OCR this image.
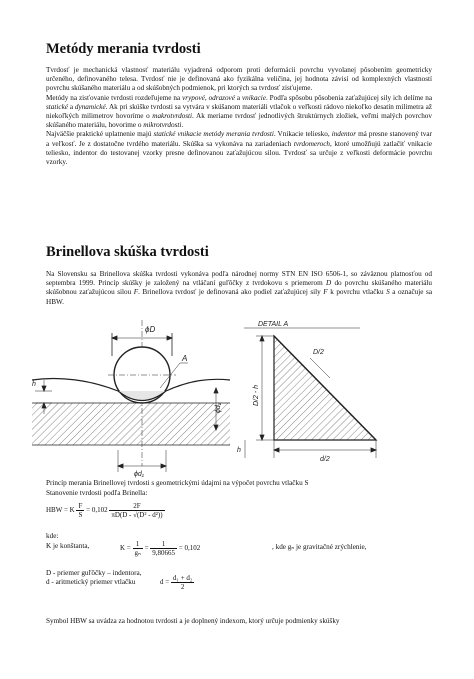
Metódy merania tvrdosti

Tvrdosť je mechanická vlastnosť materiálu vyjadrená odporom proti deformácii povrchu vyvolanej pôsobením geometricky určeného, definovaného telesa. Tvrdosť nie je definovaná ako fyzikálna veličina, jej hodnota závisí od komplexných vlastností povrchu skúšaného materiálu a od skúšobných podmienok, pri ktorých sa tvrdosť zisťujeme.

Metódy na zisťovanie tvrdosti rozdeľujeme na vrypové, odrazové a vnikacie. Podľa spôsobu pôsobenia zaťažujúcej sily ich delíme na statické a dynamické. Ak pri skúške tvrdosti sa vytvára v skúšanom materiáli vtlačok o veľkosti rádovo niekoľko desatín milimetra až niekoľkých milimetrov hovoríme o makrotvrdosti. Ak meriame tvrdosť jednotlivých štruktúrnych zložiek, veľmi malých povrchov skúšaného materiálu, hovorime o mikrotvrdosti.

Najväčšie praktické uplatnenie majú statické vnikacie metódy merania tvrdosti. Vnikacie teliesko, indentor má presne stanovený tvar a veľkosť. Je z dostatočne tvrdého materiálu. Skúška sa vykonáva na zariadeniach tvrdomeroch, ktoré umožňujú zatlačiť vnikacie teliesko, indentor do testovanej vzorky presne definovanou zaťažujúcou silou. Tvrdosť sa určuje z veľkosti deformácie povrchu vzorky.

Brinellova skúška tvrdosti

Na Slovensku sa Brinellova skúška tvrdosti vykonáva podľa národnej normy STN EN ISO 6506-1, so záväznou platnosťou od septembra 1999. Princíp skúšky je založený na vtláčaní guľôčky z tvrdokovu s priemerom D do povrchu skúšaného materiálu skúšobnou zaťažujúcou silou F. Brinellova tvrdosť je definovaná ako podiel zaťažujúcej sily F k povrchu vtlačku S a označuje sa HBW.

ϕD
A
h
ϕd₂
ϕd₁
DETAIL A
D/2
D/2 - h
h
d/2
Princíp merania Brinellovej tvrdosti s geometrickými údajmi na výpočet povrchu vtlačku S
Stanovenie tvrdosti podľa Brinella:
HBW = K $\frac{F}{S} = 0,102 \frac{2F}{\text{πD(D - √(D² - d²))}}$
kde:
K je konštanta,	$K = \frac{1}{\text{gₙ}} = \frac{1}{9,80665} = 0,102$	, kde gₙ je gravitačné zrýchlenie,
D - priemer guľôčky – indentora,
d - aritmetický priemer vtlačku	$d = \frac{\text{d₁ + d₂}}{2}$
Symbol HBW sa uvádza za hodnotou tvrdosti a je doplnený indexom, ktorý určuje podmienky skúšky
